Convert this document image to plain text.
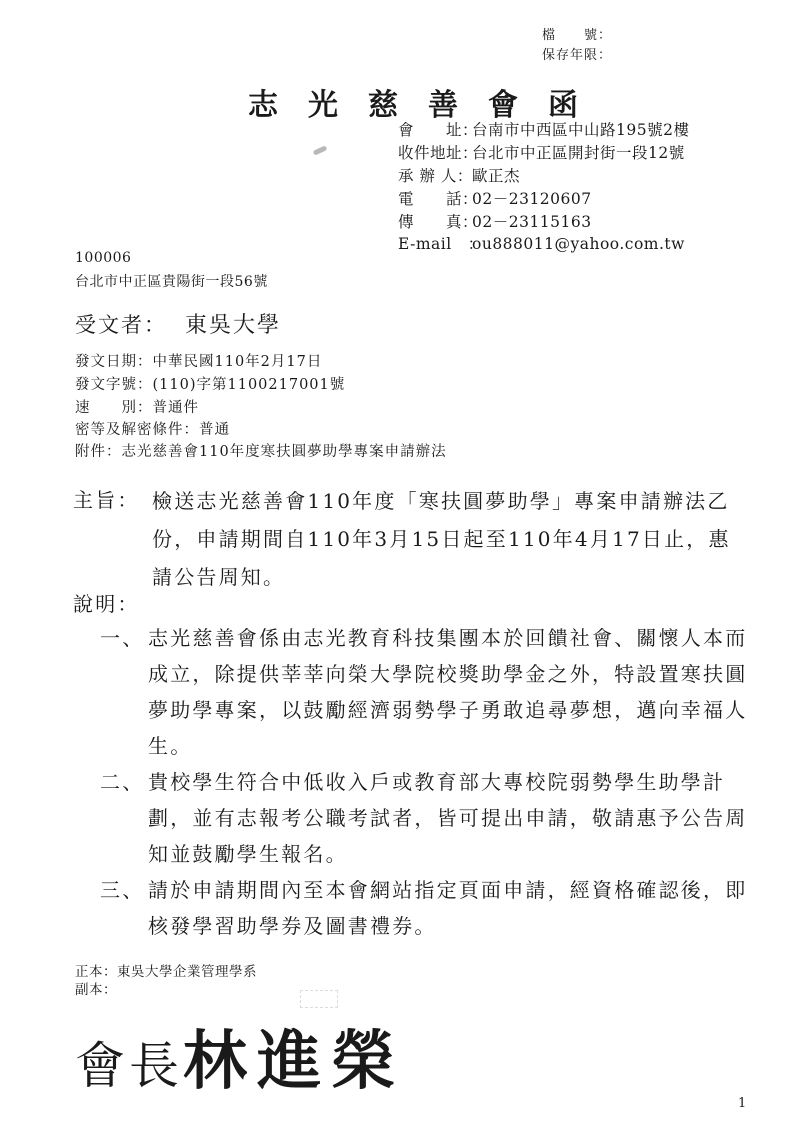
檔　　號：
保存年限：
志光慈善會函
會　　址：台南市中西區中山路195號2樓
收件地址：台北市中正區開封街一段12號
承 辦 人：歐正杰
電　　話：02－23120607
傳　　真：02－23115163
E-mail　：ou888011@yahoo.com.tw
100006
台北市中正區貴陽街一段56號
受文者： 東吳大學
發文日期：中華民國110年2月17日
發文字號：(110)字第1100217001號
速　　別：普通件
密等及解密條件：普通
附件：志光慈善會110年度寒扶圓夢助學專案申請辦法
主旨： 檢送志光慈善會110年度「寒扶圓夢助學」專案申請辦法乙份，申請期間自110年3月15日起至110年4月17日止，惠請公告周知。
說明：
一、 志光慈善會係由志光教育科技集團本於回饋社會、關懷人本而成立，除提供莘莘向榮大學院校獎助學金之外，特設置寒扶圓夢助學專案，以鼓勵經濟弱勢學子勇敢追尋夢想，邁向幸福人生。
二、 貴校學生符合中低收入戶或教育部大專校院弱勢學生助學計劃，並有志報考公職考試者，皆可提出申請，敬請惠予公告周知並鼓勵學生報名。
三、 請於申請期間內至本會網站指定頁面申請，經資格確認後，即核發學習助學券及圖書禮券。
正本：東吳大學企業管理學系
副本：
會長林進榮
1
